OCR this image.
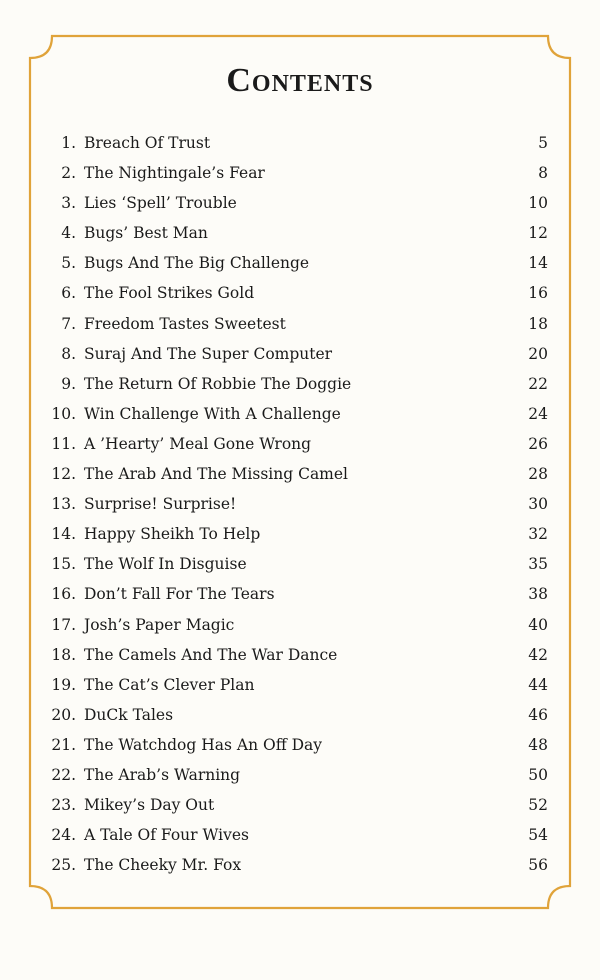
Contents
1. Breach Of Trust	5
2. The Nightingale’s Fear	8
3. Lies ‘Spell’ Trouble	10
4. Bugs’ Best Man	12
5. Bugs And The Big Challenge	14
6. The Fool Strikes Gold	16
7. Freedom Tastes Sweetest	18
8. Suraj And The Super Computer	20
9. The Return Of Robbie The Doggie	22
10. Win Challenge With A Challenge	24
11. A ’Hearty’ Meal Gone Wrong	26
12. The Arab And The Missing Camel	28
13. Surprise! Surprise!	30
14. Happy Sheikh To Help	32
15. The Wolf In Disguise	35
16. Don’t Fall For The Tears	38
17. Josh’s Paper Magic	40
18. The Camels And The War Dance	42
19. The Cat’s Clever Plan	44
20. DuCk Tales	46
21. The Watchdog Has An Off Day	48
22. The Arab’s Warning	50
23. Mikey’s Day Out	52
24. A Tale Of Four Wives	54
25. The Cheeky Mr. Fox	56
